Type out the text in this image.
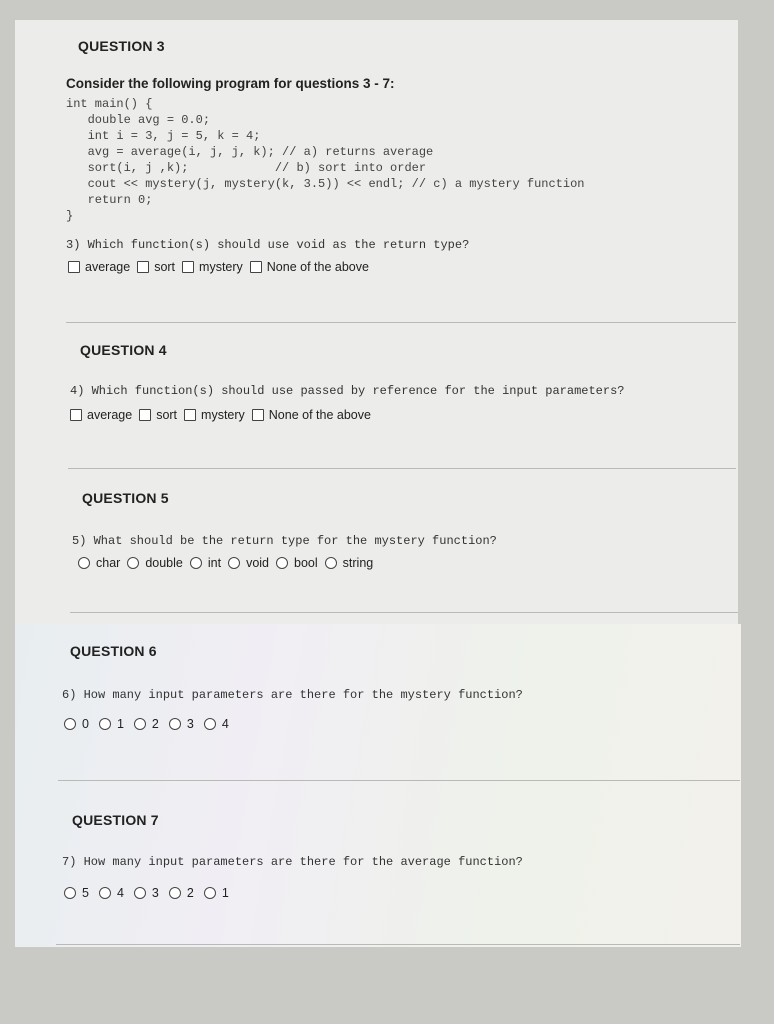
QUESTION 3
Consider the following program for questions 3 - 7:
int main() {
double avg = 0.0;
int i = 3, j = 5, k = 4;
avg = average(i, j, j, k); // a) returns average
sort(i, j ,k);            // b) sort into order
cout << mystery(j, mystery(k, 3.5)) << endl; // c) a mystery function
return 0;
}
3) Which function(s) should use void as the return type?
average sort mystery None of the above
QUESTION 4
4) Which function(s) should use passed by reference for the input parameters?
average sort mystery None of the above
QUESTION 5
5) What should be the return type for the mystery function?
char double int void bool string
QUESTION 6
6) How many input parameters are there for the mystery function?
0 1 2 3 4
QUESTION 7
7) How many input parameters are there for the average function?
5 4 3 2 1
